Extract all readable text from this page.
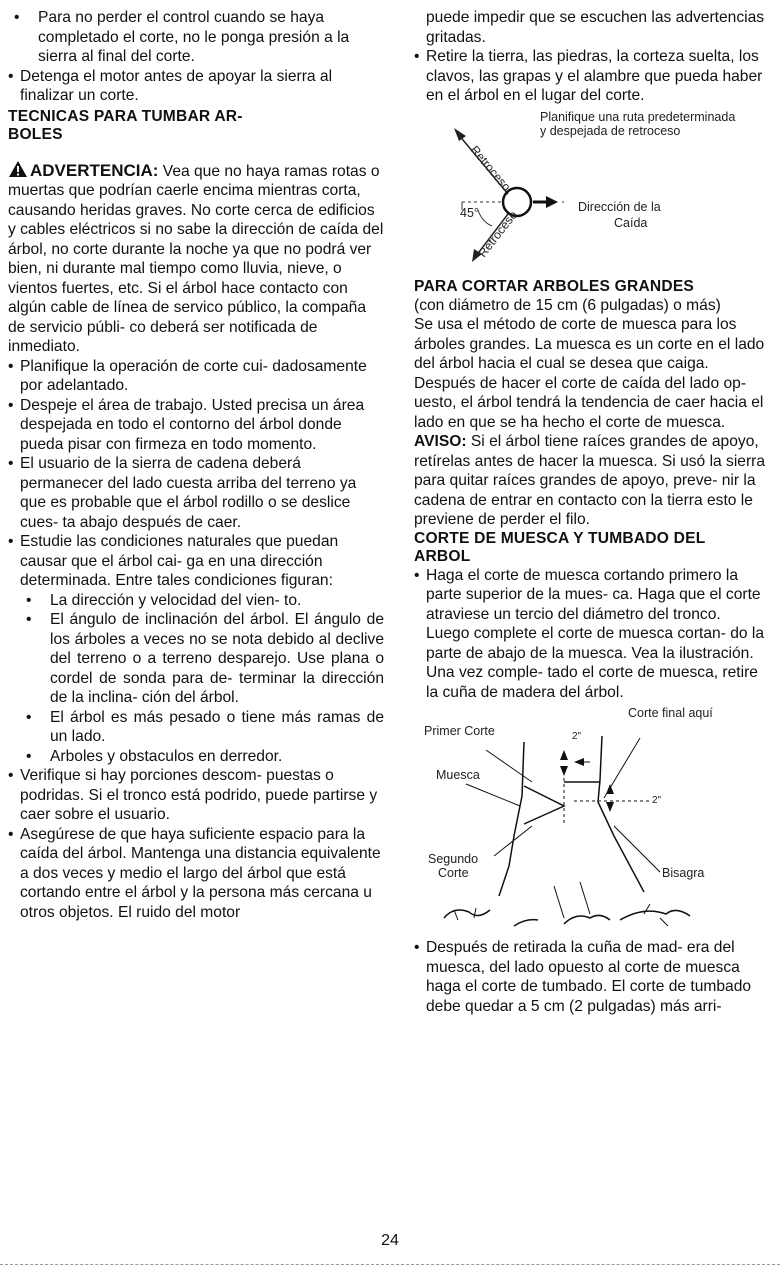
• Para no perder el control cuando se haya completado el corte, no le ponga presión a la sierra al final del corte.

• Detenga el motor antes de apoyar la sierra al finalizar un corte.

TECNICAS PARA TUMBAR AR- BOLES

ADVERTENCIA: Vea que no haya ramas rotas o muertas que podrían caerle encima mientras corta, causando heridas graves. No corte cerca de edificios y cables eléctricos si no sabe la dirección de caída del árbol, no corte durante la noche ya que no podrá ver bien, ni durante mal tiempo como lluvia, nieve, o vientos fuertes, etc. Si el árbol hace contacto con algún cable de línea de servico público, la compaña de servicio públi- co deberá ser notificada de inmediato.

• Planifique la operación de corte cui- dadosamente por adelantado.

• Despeje el área de trabajo. Usted precisa un área despejada en todo el contorno del árbol donde pueda pisar con firmeza en todo momento.

• El usuario de la sierra de cadena deberá permanecer del lado cuesta arriba del terreno ya que es probable que el árbol rodillo o se deslice cues- ta abajo después de caer.

• Estudie las condiciones naturales que puedan causar que el árbol cai- ga en una dirección determinada. Entre tales condiciones figuran:

• La dirección y velocidad del vien- to.

• El ángulo de inclinación del árbol. El ángulo de los árboles a veces no se nota debido al declive del terreno o a terreno desparejo. Use plana o cordel de sonda para de- terminar la dirección de la inclina- ción del árbol.

• El árbol es más pesado o tiene más ramas de un lado.

• Arboles y obstaculos en derredor.

• Verifique si hay porciones descom- puestas o podridas. Si el tronco está podrido, puede partirse y caer sobre el usuario.

• Asegúrese de que haya suficiente espacio para la caída del árbol. Mantenga una distancia equivalente a dos veces y medio el largo del árbol que está cortando entre el árbol y la persona más cercana u otros objetos. El ruido del motor

puede impedir que se escuchen las advertencias gritadas.

• Retire la tierra, las piedras, la corteza suelta, los clavos, las grapas y el alambre que pueda haber en el árbol en el lugar del corte.

Retroceso
Retroceso
Planifique una ruta predeterminada y despejada de retroceso
45°	Dirección de la
Caída
PARA CORTAR ARBOLES GRANDES

(con diámetro de 15 cm (6 pulgadas) o más)

Se usa el método de corte de muesca para los árboles grandes. La muesca es un corte en el lado del árbol hacia el cual se desea que caiga. Después de hacer el corte de caída del lado op- uesto, el árbol tendrá la tendencia de caer hacia el lado en que se ha hecho el corte de muesca.

AVISO: Si el árbol tiene raíces grandes de apoyo, retírelas antes de hacer la muesca. Si usó la sierra para quitar raíces grandes de apoyo, preve- nir la cadena de entrar en contacto con la tierra esto le previene de perder el filo.

CORTE DE MUESCA Y TUMBADO DEL ARBOL

• Haga el corte de muesca cortando primero la parte superior de la mues- ca. Haga que el corte atraviese un tercio del diámetro del tronco. Luego complete el corte de muesca cortan- do la parte de abajo de la muesca. Vea la ilustración. Una vez comple- tado el corte de muesca, retire la cuña de madera del árbol.

Corte final aquí
Primer Corte
Muesca
Segundo
Corte	Bisagra
2"
2"

• Después de retirada la cuña de mad- era del muesca, del lado opuesto al corte de muesca haga el corte de tumbado. El corte de tumbado debe quedar a 5 cm (2 pulgadas) más arri-

24
